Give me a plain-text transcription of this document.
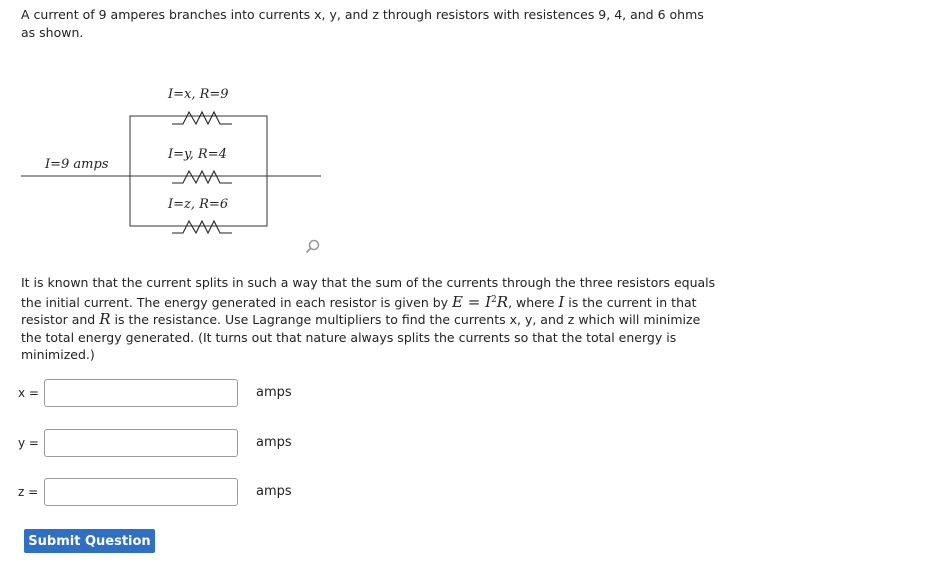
A current of 9 amperes branches into currents x, y, and z through resistors with resistences 9, 4, and 6 ohms as shown.

I=9 amps
I=x, R=9
I=y, R=4
I=z, R=6

It is known that the current splits in such a way that the sum of the currents through the three resistors equals the initial current. The energy generated in each resistor is given by $E = I^2R$, where I is the current in that resistor and R is the resistance. Use Lagrange multipliers to find the currents x, y, and z which will minimize the total energy generated. (It turns out that nature always splits the currents so that the total energy is minimized.)

x =	amps
y =	amps
z =	amps
Submit Question
